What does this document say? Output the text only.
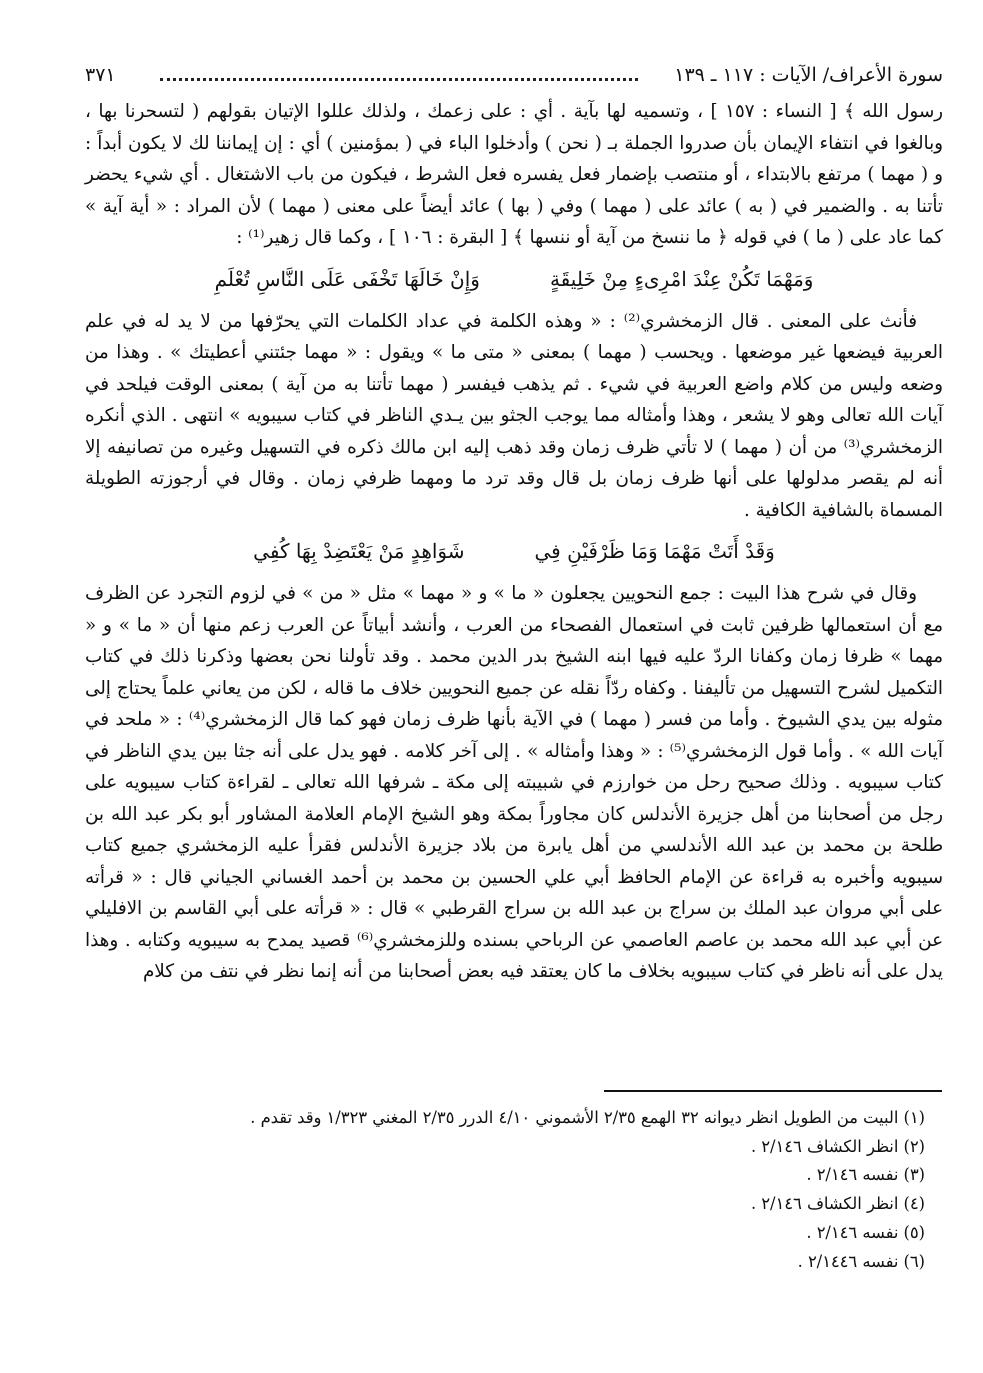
سورة الأعراف/ الآيات : ١١٧ ـ ١٣٩
٣٧١

رسول الله ﴾ [ النساء : ١٥٧ ] ، وتسميه لها بآية . أي : على زعمك ، ولذلك عللوا الإتيان بقولهم ( لتسحرنا بها ، وبالغوا في انتفاء الإيمان بأن صدروا الجملة بـ ( نحن ) وأدخلوا الباء في ( بمؤمنين ) أي : إن إيماننا لك لا يكون أبداً : و ( مهما ) مرتفع بالابتداء ، أو منتصب بإضمار فعل يفسره فعل الشرط ، فيكون من باب الاشتغال . أي شيء يحضر تأتنا به . والضمير في ( به ) عائد على ( مهما ) وفي ( بها ) عائد أيضاً على معنى ( مهما ) لأن المراد : « أية آية » كما عاد على ( ما ) في قوله ﴿ ما ننسخ من آية أو ننسها ﴾ [ البقرة : ١٠٦ ] ، وكما قال زهير⁽¹⁾ :

وَمَهْمَا تَكُنْ عِنْدَ امْرِىءٍ مِنْ خَلِيقَةٍ
وَإِنْ خَالَهَا تَخْفَى عَلَى النَّاسِ تُعْلَمِ

فأنث على المعنى . قال الزمخشري⁽²⁾ : « وهذه الكلمة في عداد الكلمات التي يحرّفها من لا يد له في علم العربية فيضعها غير موضعها . ويحسب ( مهما ) بمعنى « متى ما » ويقول : « مهما جئتني أعطيتك » . وهذا من وضعه وليس من كلام واضع العربية في شيء . ثم يذهب فيفسر ( مهما تأتنا به من آية ) بمعنى الوقت فيلحد في آيات الله تعالى وهو لا يشعر ، وهذا وأمثاله مما يوجب الجثو بين يـدي الناظر في كتاب سيبويه » انتهى . الذي أنكره الزمخشري⁽³⁾ من أن ( مهما ) لا تأتي ظرف زمان وقد ذهب إليه ابن مالك ذكره في التسهيل وغيره من تصانيفه إلا أنه لم يقصر مدلولها على أنها ظرف زمان بل قال وقد ترد ما ومهما ظرفي زمان . وقال في أرجوزته الطويلة المسماة بالشافية الكافية .

وَقَدْ أَتَتْ مَهْمَا وَمَا ظَرْفَيْنِ فِي
شَوَاهِدٍ مَنْ يَعْتَضِدْ بِهَا كُفِي

وقال في شرح هذا البيت : جمع النحويين يجعلون « ما » و « مهما » مثل « من » في لزوم التجرد عن الظرف مع أن استعمالها ظرفين ثابت في استعمال الفصحاء من العرب ، وأنشد أبياتاً عن العرب زعم منها أن « ما » و « مهما » ظرفا زمان وكفانا الردّ عليه فيها ابنه الشيخ بدر الدين محمد . وقد تأولنا نحن بعضها وذكرنا ذلك في كتاب التكميل لشرح التسهيل من تأليفنا . وكفاه ردّاً نقله عن جميع النحويين خلاف ما قاله ، لكن من يعاني علماً يحتاج إلى مثوله بين يدي الشيوخ . وأما من فسر ( مهما ) في الآية بأنها ظرف زمان فهو كما قال الزمخشري⁽⁴⁾ : « ملحد في آيات الله » . وأما قول الزمخشري⁽⁵⁾ : « وهذا وأمثاله » . إلى آخر كلامه . فهو يدل على أنه جثا بين يدي الناظر في كتاب سيبويه . وذلك صحيح رحل من خوارزم في شبيبته إلى مكة ـ شرفها الله تعالى ـ لقراءة كتاب سيبويه على رجل من أصحابنا من أهل جزيرة الأندلس كان مجاوراً بمكة وهو الشيخ الإمام العلامة المشاور أبو بكر عبد الله بن طلحة بن محمد بن عبد الله الأندلسي من أهل يابرة من بلاد جزيرة الأندلس فقرأ عليه الزمخشري جميع كتاب سيبويه وأخبره به قراءة عن الإمام الحافظ أبي علي الحسين بن محمد بن أحمد الغساني الجياني قال : « قرأته على أبي مروان عبد الملك بن سراج بن عبد الله بن سراج القرطبي » قال : « قرأته على أبي القاسم بن الافليلي عن أبي عبد الله محمد بن عاصم العاصمي عن الرباحي بسنده وللزمخشري⁽⁶⁾ قصيد يمدح به سيبويه وكتابه . وهذا يدل على أنه ناظر في كتاب سيبويه بخلاف ما كان يعتقد فيه بعض أصحابنا من أنه إنما نظر في نتف من كلام

(١) البيت من الطويل انظر ديوانه ٣٢ الهمع ٢/٣٥ الأشموني ٤/١٠ الدرر ٢/٣٥ المغني ١/٣٢٣ وقد تقدم .
(٢) انظر الكشاف ٢/١٤٦ .
(٣) نفسه ٢/١٤٦ .
(٤) انظر الكشاف ٢/١٤٦ .
(٥) نفسه ٢/١٤٦ .
(٦) نفسه ٢/١٤٤٦ .
